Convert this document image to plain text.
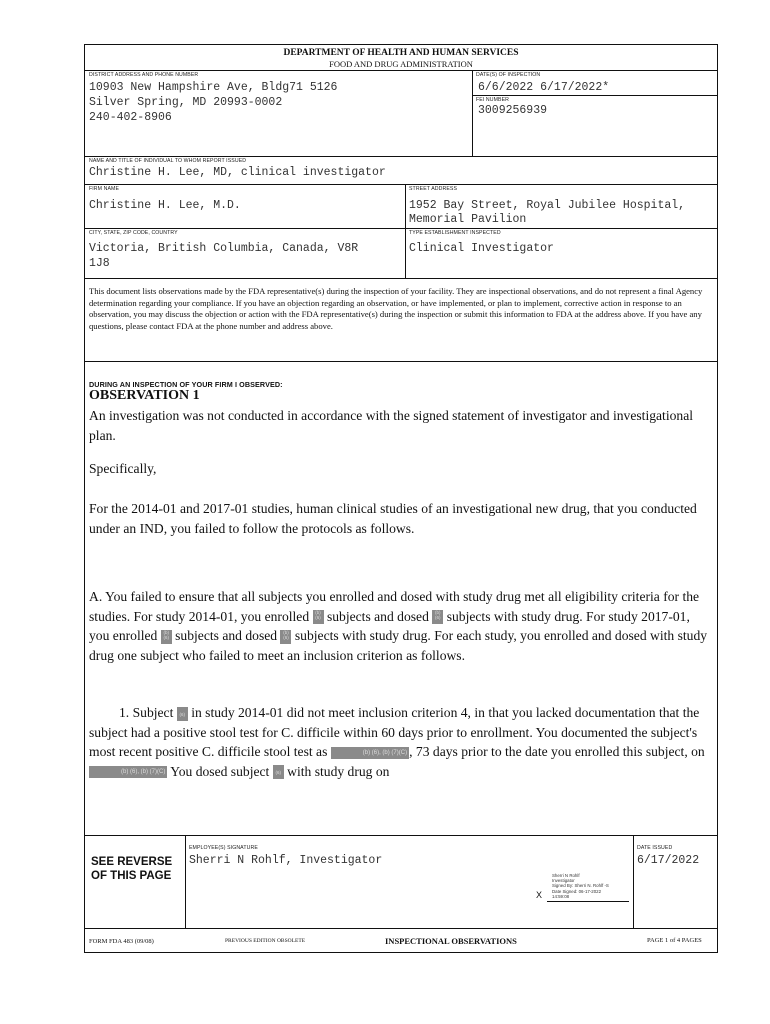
DEPARTMENT OF HEALTH AND HUMAN SERVICES
FOOD AND DRUG ADMINISTRATION
DISTRICT ADDRESS AND PHONE NUMBER
10903 New Hampshire Ave, Bldg71 5126
Silver Spring, MD 20993-0002
240-402-8906
DATE(S) OF INSPECTION
6/6/2022 6/17/2022*
FEI NUMBER
3009256939
NAME AND TITLE OF INDIVIDUAL TO WHOM REPORT ISSUED
Christine H. Lee, MD, clinical investigator
FIRM NAME
Christine H. Lee, M.D.
STREET ADDRESS
1952 Bay Street, Royal Jubilee Hospital,
Memorial Pavilion
CITY, STATE, ZIP CODE, COUNTRY
Victoria, British Columbia, Canada, V8R
1J8
TYPE ESTABLISHMENT INSPECTED
Clinical Investigator
This document lists observations made by the FDA representative(s) during the inspection of your facility. They are inspectional observations, and do not represent a final Agency determination regarding your compliance. If you have an objection regarding an observation, or have implemented, or plan to implement, corrective action in response to an observation, you may discuss the objection or action with the FDA representative(s) during the inspection or submit this information to FDA at the address above. If you have any questions, please contact FDA at the phone number and address above.
DURING AN INSPECTION OF YOUR FIRM I OBSERVED:
OBSERVATION 1
An investigation was not conducted in accordance with the signed statement of investigator and investigational plan.
Specifically,
For the 2014-01 and 2017-01 studies, human clinical studies of an investigational new drug, that you conducted under an IND, you failed to follow the protocols as follows.
A. You failed to ensure that all subjects you enrolled and dosed with study drug met all eligibility criteria for the studies. For study 2014-01, you enrolled (b) (6) subjects and dosed (b) (6) subjects with study drug. For study 2017-01, you enrolled (b) (6) subjects and dosed (b) (6) subjects with study drug. For each study, you enrolled and dosed with study drug one subject who failed to meet an inclusion criterion as follows.
1. Subject (6) in study 2014-01 did not meet inclusion criterion 4, in that you lacked documentation that the subject had a positive stool test for C. difficile within 60 days prior to enrollment. You documented the subject's most recent positive C. difficile stool test as	(b) (6), (b) (7)(C) , 73 days prior to the date you enrolled this subject, on (b) (6), (b) (7)(C) You dosed subject (6) with study drug on
SEE REVERSE
OF THIS PAGE
EMPLOYEE(S) SIGNATURE
Sherri N Rohlf, Investigator
Sherri N Rohlf
Investigator
Signed By: Sherri N. Rohlf -S
Date Signed: 06-17-2022
14:59:08
X
DATE ISSUED
6/17/2022
FORM FDA 483 (09/08)	PREVIOUS EDITION OBSOLETE	INSPECTIONAL OBSERVATIONS	PAGE 1 of 4 PAGES
